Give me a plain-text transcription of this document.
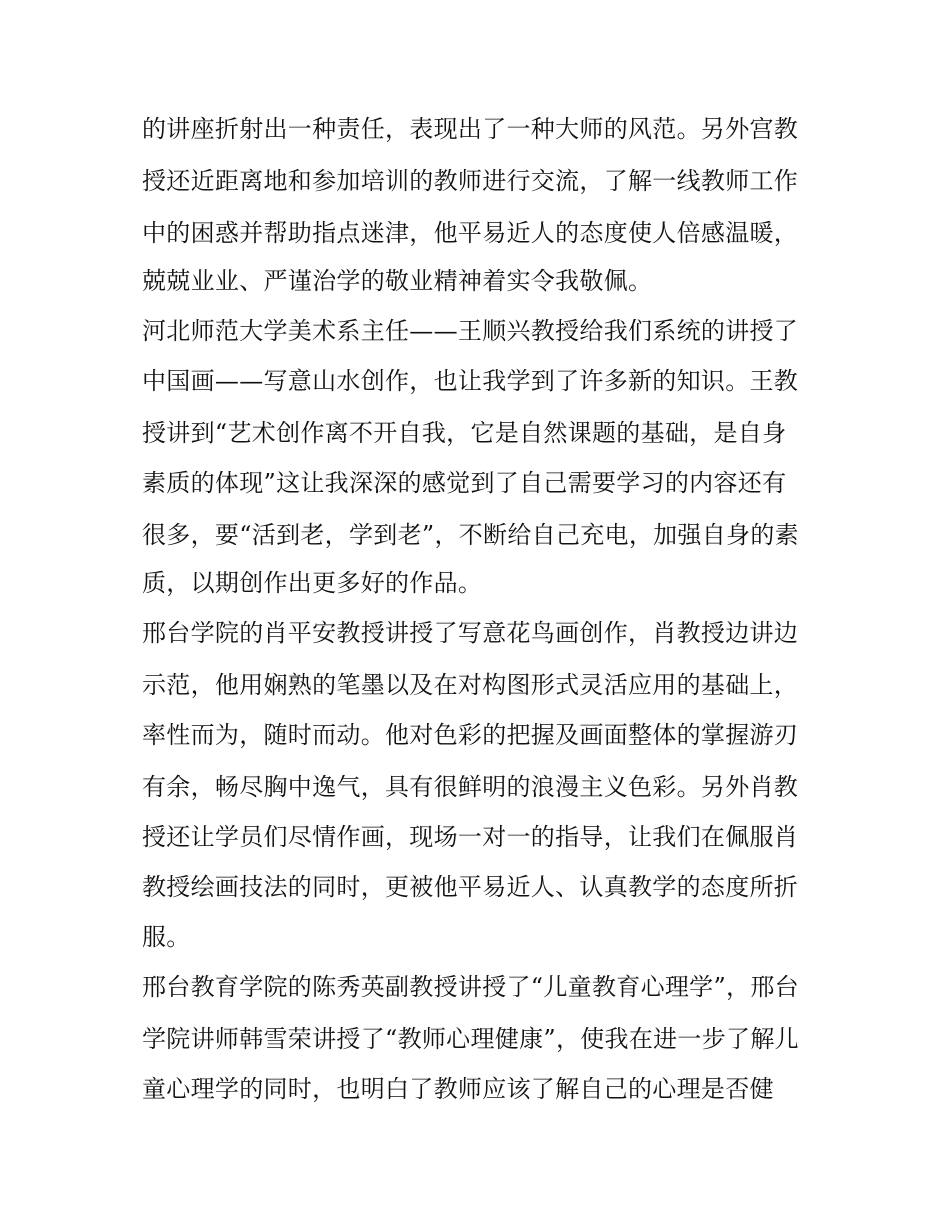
的讲座折射出一种责任，表现出了一种大师的风范。另外宫教

授还近距离地和参加培训的教师进行交流，了解一线教师工作

中的困惑并帮助指点迷津，他平易近人的态度使人倍感温暖，

兢兢业业、严谨治学的敬业精神着实令我敬佩。

河北师范大学美术系主任——王顺兴教授给我们系统的讲授了

中国画——写意山水创作，也让我学到了许多新的知识。王教

授讲到“艺术创作离不开自我，它是自然课题的基础，是自身

素质的体现”这让我深深的感觉到了自己需要学习的内容还有

很多，要“活到老，学到老”，不断给自己充电，加强自身的素

质，以期创作出更多好的作品。

邢台学院的肖平安教授讲授了写意花鸟画创作，肖教授边讲边

示范，他用娴熟的笔墨以及在对构图形式灵活应用的基础上，

率性而为，随时而动。他对色彩的把握及画面整体的掌握游刃

有余，畅尽胸中逸气，具有很鲜明的浪漫主义色彩。另外肖教

授还让学员们尽情作画，现场一对一的指导，让我们在佩服肖

教授绘画技法的同时，更被他平易近人、认真教学的态度所折

服。

邢台教育学院的陈秀英副教授讲授了“儿童教育心理学”，邢台

学院讲师韩雪荣讲授了“教师心理健康”，使我在进一步了解儿

童心理学的同时，也明白了教师应该了解自己的心理是否健
